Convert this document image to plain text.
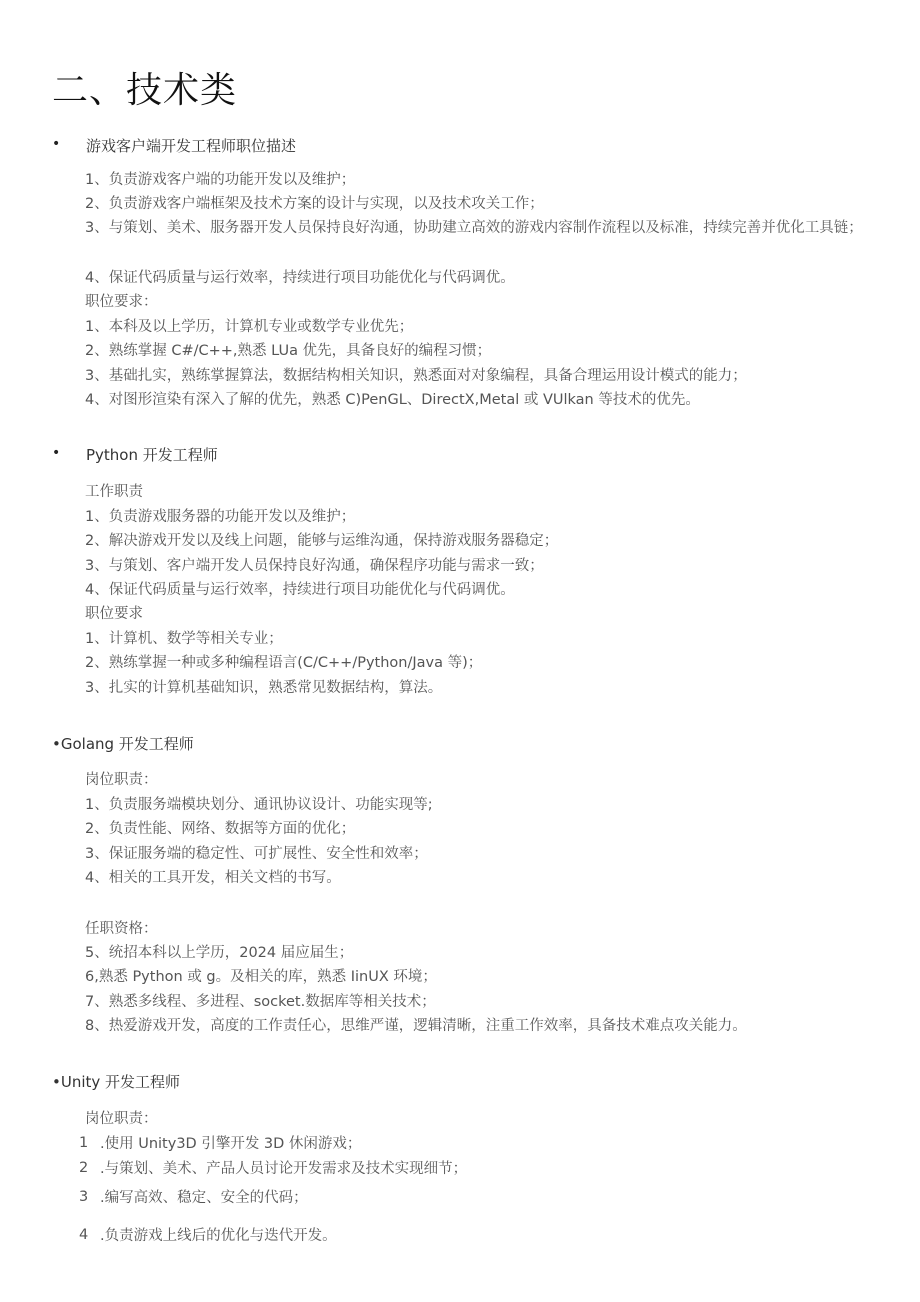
二、技术类
• 游戏客户端开发工程师职位描述
1、负责游戏客户端的功能开发以及维护；
2、负责游戏客户端框架及技术方案的设计与实现，以及技术攻关工作；
3、与策划、美术、服务器开发人员保持良好沟通，协助建立高效的游戏内容制作流程以及标准，持续完善并优化工具链；
4、保证代码质量与运行效率，持续进行项目功能优化与代码调优。
职位要求：
1、本科及以上学历，计算机专业或数学专业优先；
2、熟练掌握 C#/C++,熟悉 LUa 优先，具备良好的编程习惯；
3、基础扎实，熟练掌握算法，数据结构相关知识，熟悉面对对象编程，具备合理运用设计模式的能力；
4、对图形渲染有深入了解的优先，熟悉 C)PenGL、DirectX,Metal 或 VUlkan 等技术的优先。
• Python 开发工程师
工作职责
1、负责游戏服务器的功能开发以及维护；
2、解决游戏开发以及线上问题，能够与运维沟通，保持游戏服务器稳定；
3、与策划、客户端开发人员保持良好沟通，确保程序功能与需求一致；
4、保证代码质量与运行效率，持续进行项目功能优化与代码调优。
职位要求
1、计算机、数学等相关专业；
2、熟练掌握一种或多种编程语言(C/C++/Python/Java 等)；
3、扎实的计算机基础知识，熟悉常见数据结构，算法。
•Golang 开发工程师
岗位职责：
1、负责服务端模块划分、通讯协议设计、功能实现等;
2、负责性能、网络、数据等方面的优化；
3、保证服务端的稳定性、可扩展性、安全性和效率；
4、相关的工具开发，相关文档的书写。
任职资格：
5、统招本科以上学历，2024 届应届生；
6,熟悉 Python 或 g。及相关的库，熟悉 IinUX 环境；
7、熟悉多线程、多进程、socket.数据库等相关技术；
8、热爱游戏开发，高度的工作责任心，思维严谨，逻辑清晰，注重工作效率，具备技术难点攻关能力。
•Unity 开发工程师
岗位职责：
1 .使用 Unity3D 引擎开发 3D 休闲游戏；
2 .与策划、美术、产品人员讨论开发需求及技术实现细节；
3 .编写高效、稳定、安全的代码；
4 .负责游戏上线后的优化与迭代开发。
